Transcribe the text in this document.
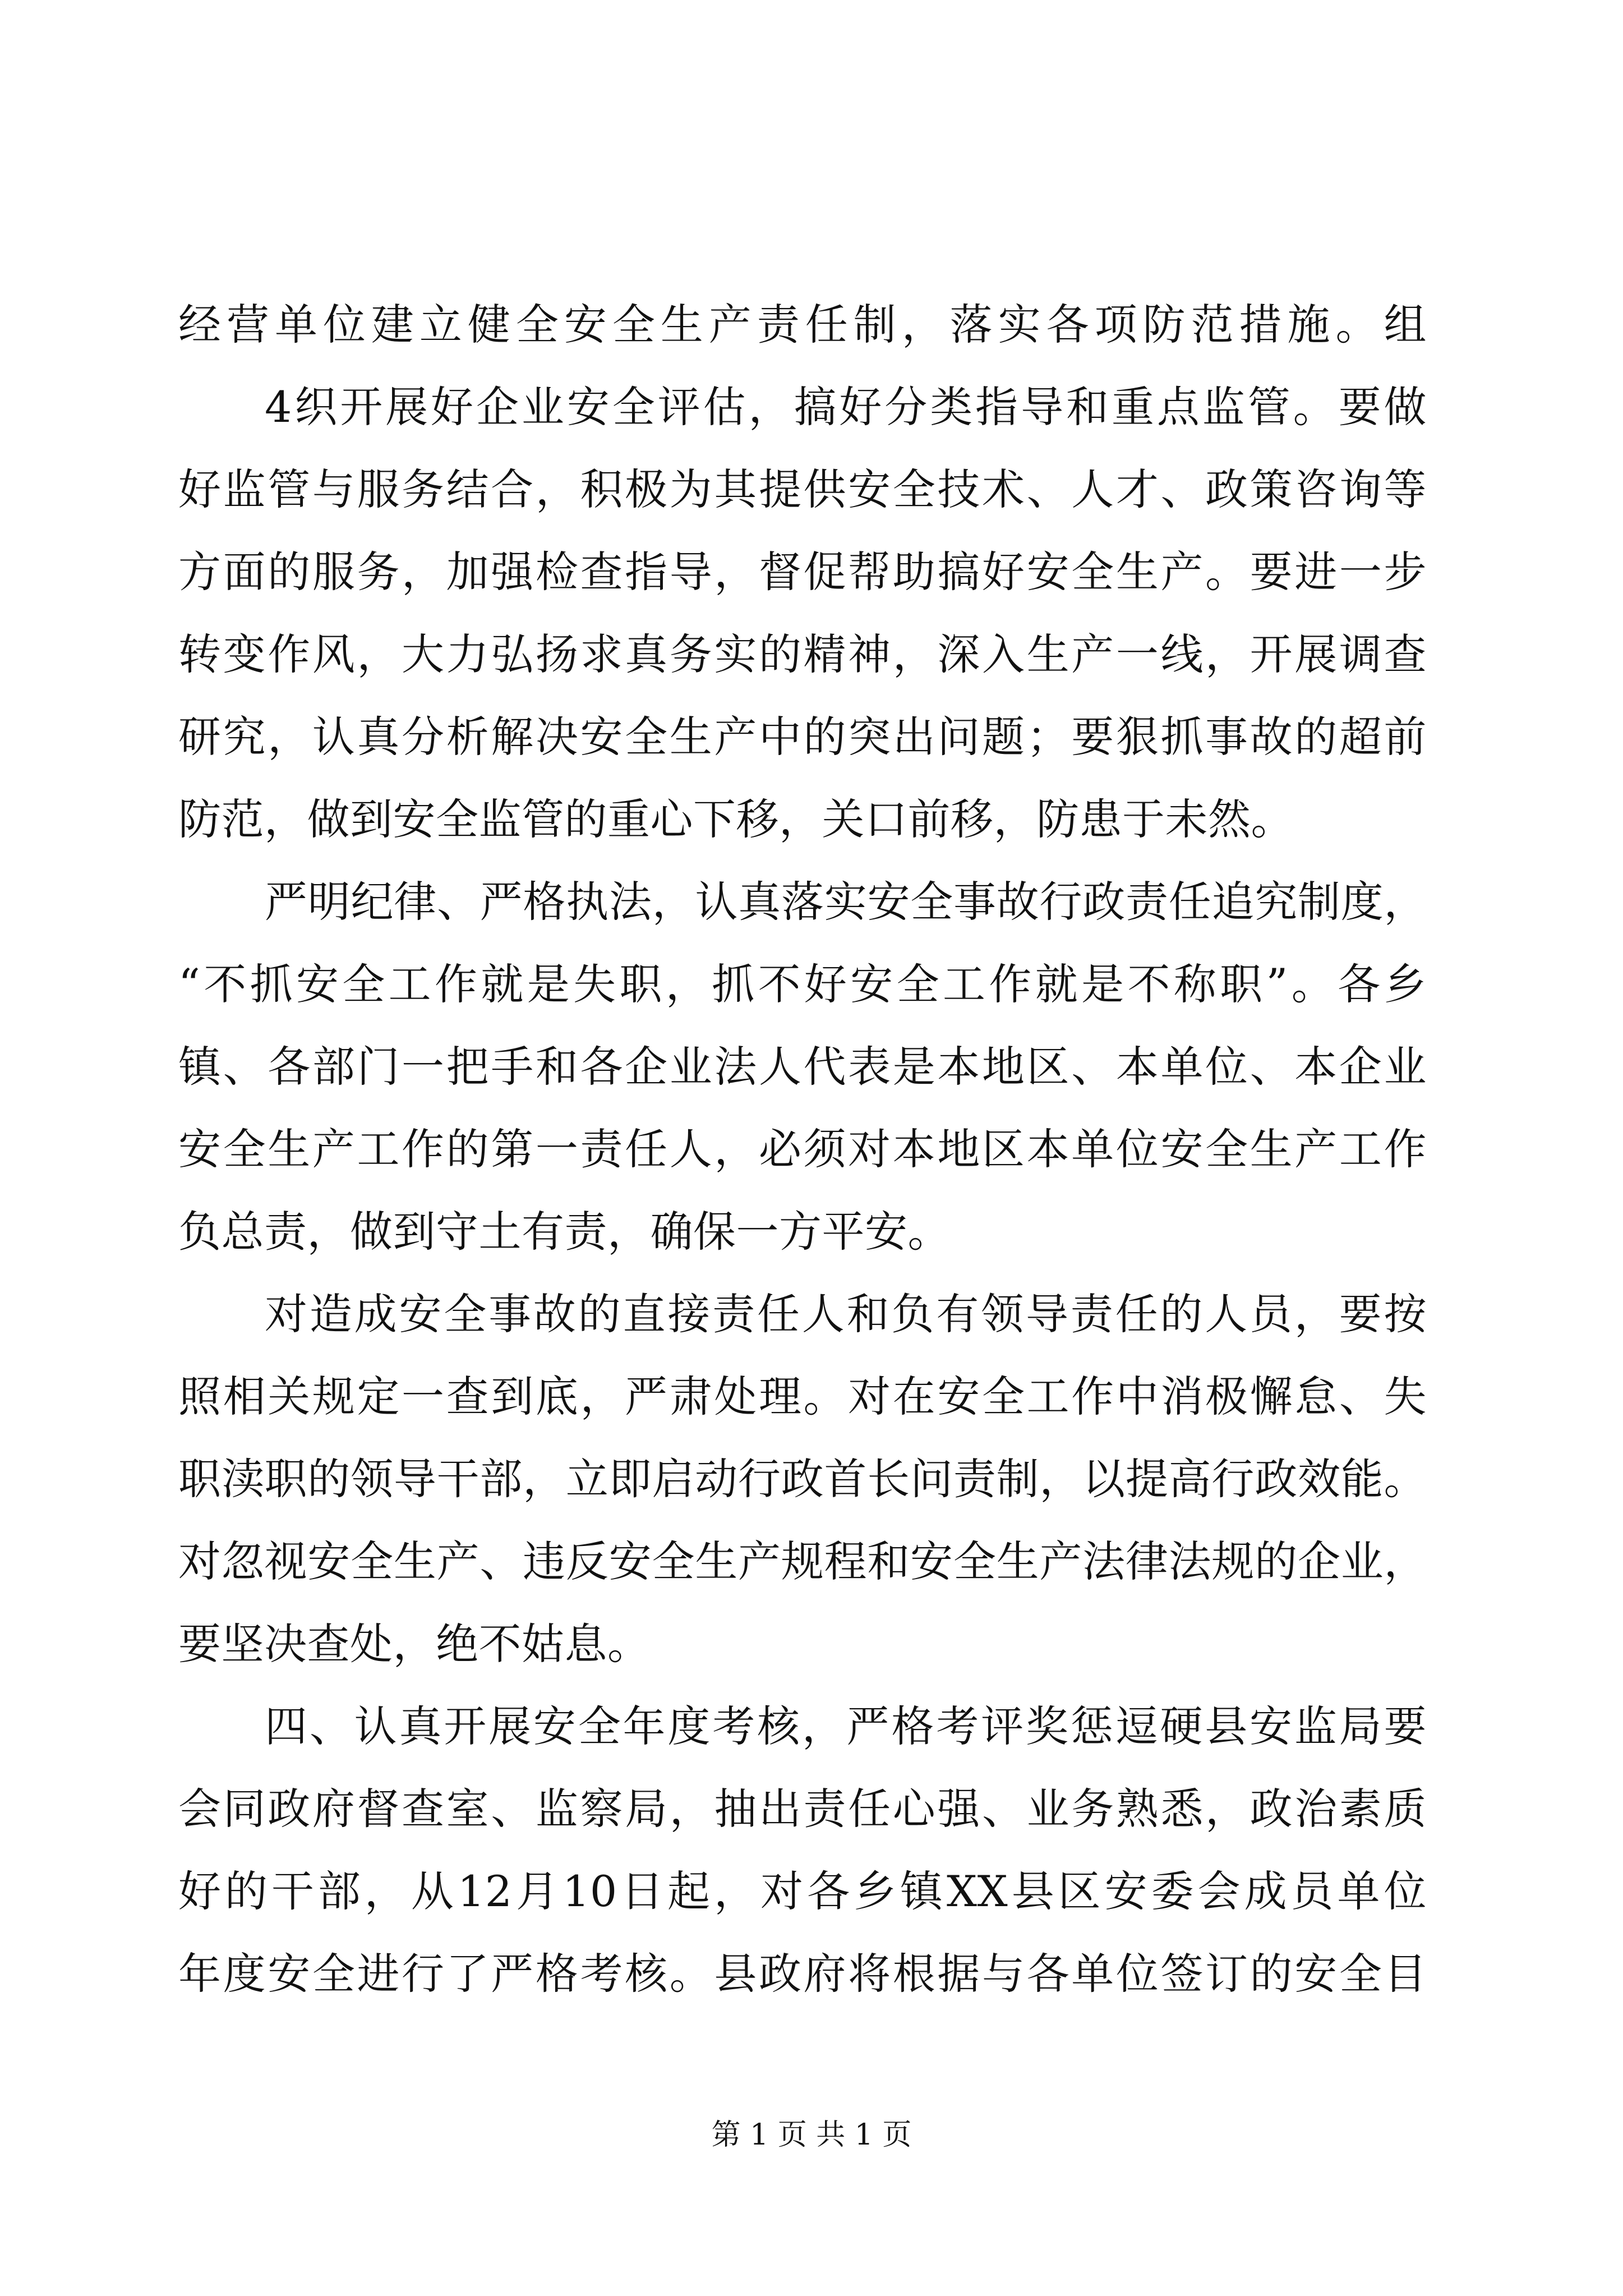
经营单位建立健全安全生产责任制，落实各项防范措施。组
4织开展好企业安全评估，搞好分类指导和重点监管。要做
好监管与服务结合，积极为其提供安全技术、人才、政策咨询等
方面的服务，加强检查指导，督促帮助搞好安全生产。要进一步
转变作风，大力弘扬求真务实的精神，深入生产一线，开展调查
研究，认真分析解决安全生产中的突出问题；要狠抓事故的超前
防范，做到安全监管的重心下移，关口前移，防患于未然。
严明纪律、严格执法，认真落实安全事故行政责任追究制度，
“不抓安全工作就是失职，抓不好安全工作就是不称职”。各乡
镇、各部门一把手和各企业法人代表是本地区、本单位、本企业
安全生产工作的第一责任人，必须对本地区本单位安全生产工作
负总责，做到守土有责，确保一方平安。
对造成安全事故的直接责任人和负有领导责任的人员，要按
照相关规定一查到底，严肃处理。对在安全工作中消极懈怠、失
职渎职的领导干部，立即启动行政首长问责制，以提高行政效能。
对忽视安全生产、违反安全生产规程和安全生产法律法规的企业，
要坚决查处，绝不姑息。
四、认真开展安全年度考核，严格考评奖惩逗硬县安监局要
会同政府督查室、监察局，抽出责任心强、业务熟悉，政治素质
好的干部，从12月10日起，对各乡镇XX县区安委会成员单位
年度安全进行了严格考核。县政府将根据与各单位签订的安全目
第 1 页 共 1 页
